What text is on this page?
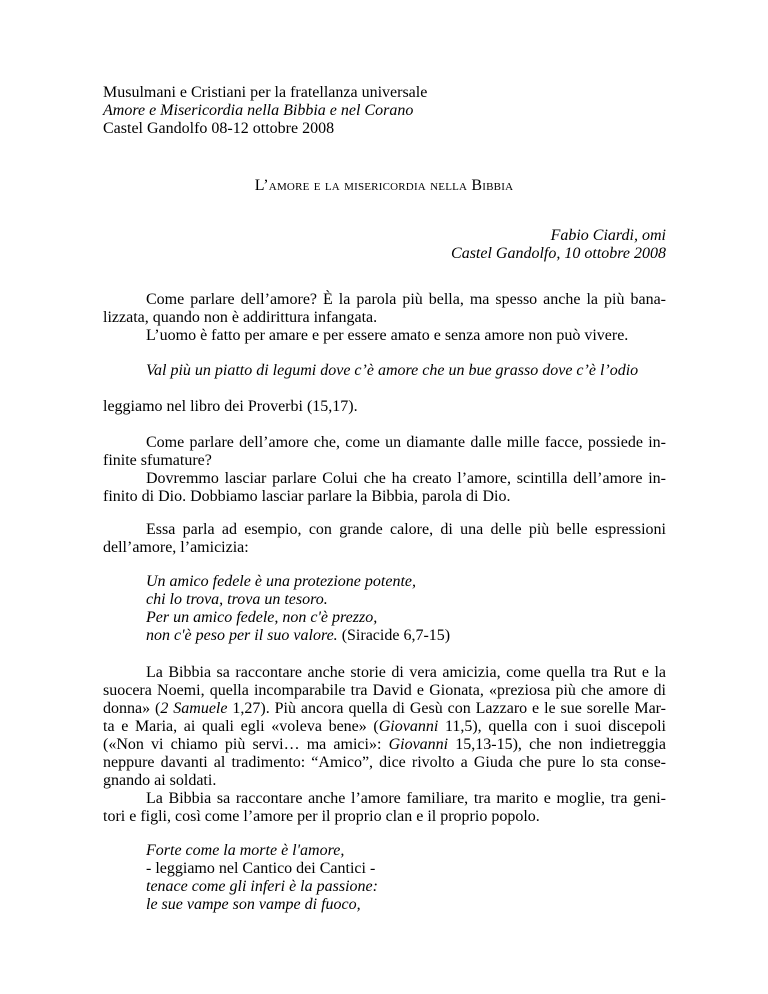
Musulmani e Cristiani per la fratellanza universale
Amore e Misericordia nella Bibbia e nel Corano
Castel Gandolfo 08-12 ottobre 2008
L’amore e la misericordia nella Bibbia
Fabio Ciardi, omi
Castel Gandolfo, 10 ottobre 2008
Come parlare dell’amore? È la parola più bella, ma spesso anche la più bana-
lizzata, quando non è addirittura infangata.
L’uomo è fatto per amare e per essere amato e senza amore non può vivere.
Val più un piatto di legumi dove c’è amore che un bue grasso dove c’è l’odio
leggiamo nel libro dei Proverbi (15,17).
Come parlare dell’amore che, come un diamante dalle mille facce, possiede in-
finite sfumature?
Dovremmo lasciar parlare Colui che ha creato l’amore, scintilla dell’amore in-
finito di Dio. Dobbiamo lasciar parlare la Bibbia, parola di Dio.
Essa parla ad esempio, con grande calore, di una delle più belle espressioni
dell’amore, l’amicizia:
Un amico fedele è una protezione potente,
chi lo trova, trova un tesoro.
Per un amico fedele, non c'è prezzo,
non c'è peso per il suo valore. (Siracide 6,7-15)
La Bibbia sa raccontare anche storie di vera amicizia, come quella tra Rut e la
suocera Noemi, quella incomparabile tra David e Gionata, «preziosa più che amore di
donna» (2 Samuele 1,27). Più ancora quella di Gesù con Lazzaro e le sue sorelle Mar-
ta e Maria, ai quali egli «voleva bene» (Giovanni 11,5), quella con i suoi discepoli
(«Non vi chiamo più servi… ma amici»: Giovanni 15,13-15), che non indietreggia
neppure davanti al tradimento: “Amico”, dice rivolto a Giuda che pure lo sta conse-
gnando ai soldati.
La Bibbia sa raccontare anche l’amore familiare, tra marito e moglie, tra geni-
tori e figli, così come l’amore per il proprio clan e il proprio popolo.
Forte come la morte è l'amore,
- leggiamo nel Cantico dei Cantici -
tenace come gli inferi è la passione:
le sue vampe son vampe di fuoco,
